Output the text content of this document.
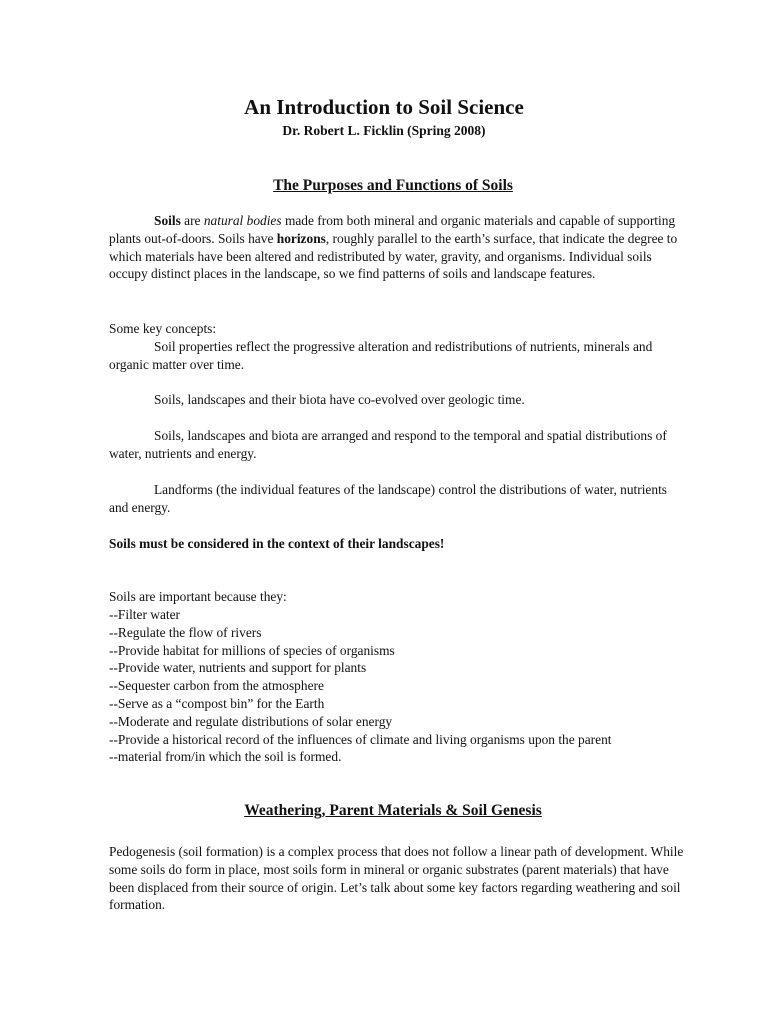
An Introduction to Soil Science
Dr. Robert L. Ficklin (Spring 2008)
The Purposes and Functions of Soils

Soils are natural bodies made from both mineral and organic materials and capable of supporting plants out-of-doors. Soils have horizons, roughly parallel to the earth’s surface, that indicate the degree to which materials have been altered and redistributed by water, gravity, and organisms. Individual soils occupy distinct places in the landscape, so we find patterns of soils and landscape features.

Some key concepts:

Soil properties reflect the progressive alteration and redistributions of nutrients, minerals and organic matter over time.

Soils, landscapes and their biota have co-evolved over geologic time.

Soils, landscapes and biota are arranged and respond to the temporal and spatial distributions of water, nutrients and energy.

Landforms (the individual features of the landscape) control the distributions of water, nutrients and energy.

Soils must be considered in the context of their landscapes!

Soils are important because they:

--Filter water
--Regulate the flow of rivers
--Provide habitat for millions of species of organisms
--Provide water, nutrients and support for plants
--Sequester carbon from the atmosphere
--Serve as a “compost bin” for the Earth
--Moderate and regulate distributions of solar energy
--Provide a historical record of the influences of climate and living organisms upon the parent
--material from/in which the soil is formed.
Weathering, Parent Materials & Soil Genesis

Pedogenesis (soil formation) is a complex process that does not follow a linear path of development. While some soils do form in place, most soils form in mineral or organic substrates (parent materials) that have been displaced from their source of origin. Let’s talk about some key factors regarding weathering and soil formation.
